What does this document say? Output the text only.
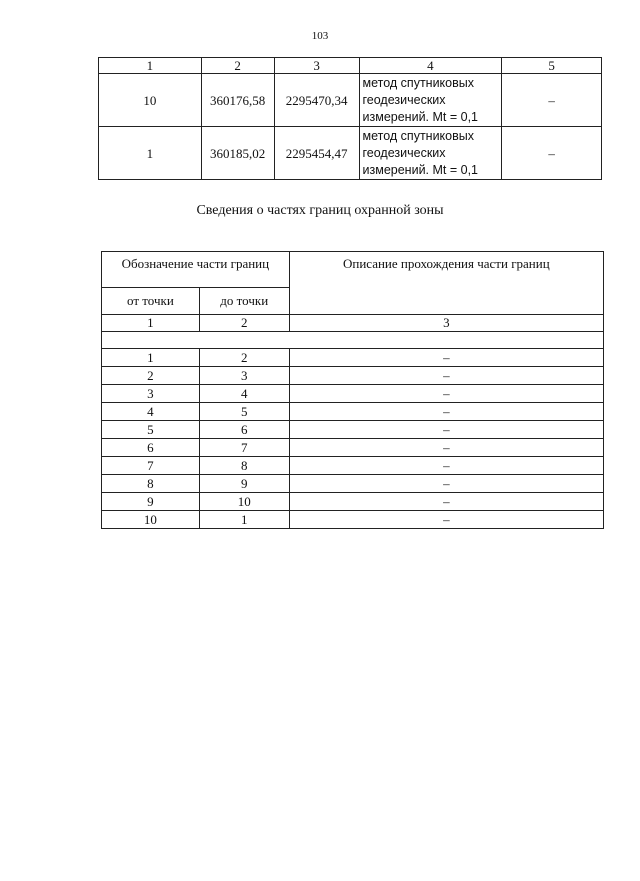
103
1	2	3	4	5
10	360176,58	2295470,34	метод спутниковых
геодезических
измерений. Mt = 0,1	–
1	360185,02	2295454,47	метод спутниковых
геодезических
измерений. Mt = 0,1	–
Сведения о частях границ охранной зоны
Обозначение части границ		Описание прохождения части границ
от точки	до точки	
1	2	3

1	2	–
2	3	–
3	4	–
4	5	–
5	6	–
6	7	–
7	8	–
8	9	–
9	10	–
10	1	–
